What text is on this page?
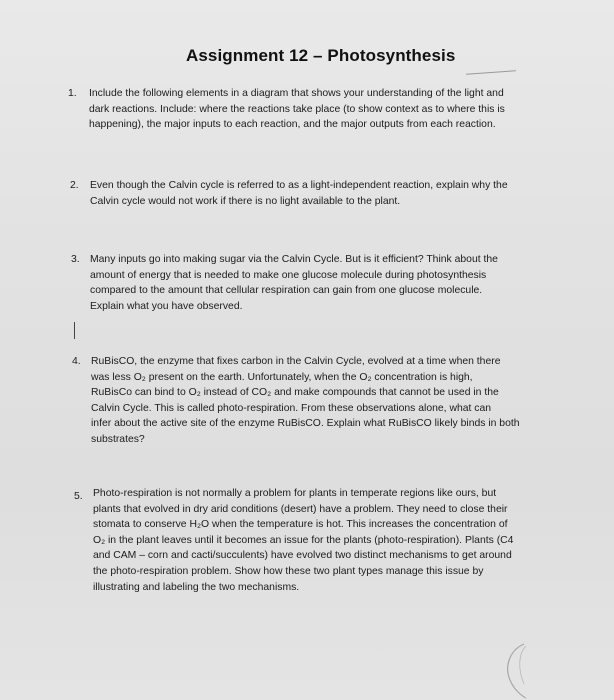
Assignment 12 – Photosynthesis
1. Include the following elements in a diagram that shows your understanding of the light and
dark reactions. Include: where the reactions take place (to show context as to where this is
happening), the major inputs to each reaction, and the major outputs from each reaction.
2. Even though the Calvin cycle is referred to as a light-independent reaction, explain why the
Calvin cycle would not work if there is no light available to the plant.
3. Many inputs go into making sugar via the Calvin Cycle. But is it efficient? Think about the
amount of energy that is needed to make one glucose molecule during photosynthesis
compared to the amount that cellular respiration can gain from one glucose molecule.
Explain what you have observed.
4. RuBisCO, the enzyme that fixes carbon in the Calvin Cycle, evolved at a time when there
was less O₂ present on the earth. Unfortunately, when the O₂ concentration is high,
RuBisCo can bind to O₂ instead of CO₂ and make compounds that cannot be used in the
Calvin Cycle. This is called photo-respiration. From these observations alone, what can
infer about the active site of the enzyme RuBisCO. Explain what RuBisCO likely binds in both
substrates?
5. Photo-respiration is not normally a problem for plants in temperate regions like ours, but
plants that evolved in dry arid conditions (desert) have a problem. They need to close their
stomata to conserve H₂O when the temperature is hot. This increases the concentration of
O₂ in the plant leaves until it becomes an issue for the plants (photo-respiration). Plants (C4
and CAM – corn and cacti/succulents) have evolved two distinct mechanisms to get around
the photo-respiration problem. Show how these two plant types manage this issue by
illustrating and labeling the two mechanisms.
